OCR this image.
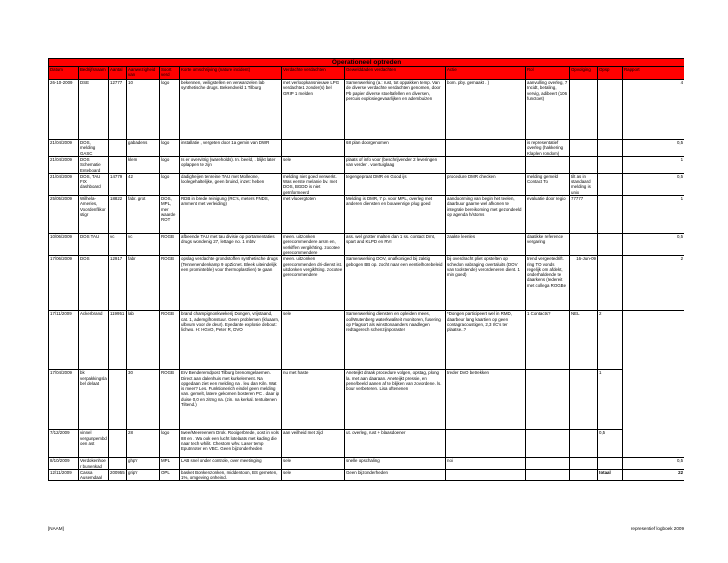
Operationeel optreden												
Datum	Bedrijfsnaam	Aantal	Aanwezigheid van	Soort verd	Korte omschrijving (nature incident)	Verdachte verdachten	Gewelddaden verdachten	Actie	Rol	Opvolging	Opsp	Rapport
26-10-2009	DSE	12777	10	logo	bekennen, veiligstellen en verwanzelen lab synthetische drugs. Bekendveld 1 Tilburg	met verloopkansnieuwe LPG verdachte1 zonder(s) bel GRIP 1 melden	Samenwerking (a.: rust, tot oppakken temp. Van de diverse verdachte verdachten genomen, door Pb papier diverse stoeltafellen en diversen, percuis explosiegevaarlijken en adembuizen	bom. pby. gemaakt . )	aanvulling overleg, 7 Incidt, betaling, vervig, adibeert (106 functoet)			4
21/04/2009	DOS, melding GASC		gabadens	logo	installatie , vergeten door 1a gemin van DWR		68 plan doorgenomen		is representatief overleg (hakkering Klaplen rondom)			0,5
21/04/2009	DOS Schematie Enteboard		klem	logo	Is er overvitrig (wareholds). In. beeld, . blijkt later oplappen te zijn	sele	plaats of info voor (beschrijvender 2 leveringen van verder . voertuiglaag					1
21/04/2009	DOS, TAU FIX dashboard	14779	42	logo	dadigheijen tenreine TAU met Molleone, loolegehaltelijke, geen bruind, inzet: heben	melding niet goed verwerkt. Was eerste melanie bv. met DOS, BGDD is niet geïnformeerd	tegengepraat DMR en Good ijs	procedure DMR checken	melding gemeld Contact To	tilt as in standaard melding is unix		0,5
25/05/2009	Wilhela-Ameries, Voordenflikorstigr	18822	fabr. grot	DOS, MPL, mer waarde ROT	RDB in brede reinigung (RC's, meters FNDS, amment met verleiding)	met vluoergtoten	Melding is DMR, 7 p. voor MPL, overleg met anderen diensten en bouwenrige plug goed	aandoorming van begin het teelen, daarbuur gaarne wel afkonen te integrale bereikoming met gezondeeld op agenda h/stoms	evaluatie door regio	77777		1
10/06/2009	DOS TAU	vc	vc	ROGB	afbeende TAU met tau divisie op portamentaties drugs wondenig 27, lettage no. 1 mbtv	meen. uitzonken gerecommendere arsm en, verkiffen vergikhting. zocotee gerecommendere	ass. wel grotter malten dan 1 ss. contact Dmt, spart and KLPD en RVI	zaakte leenles	daatikke reference vergaring			0,5
17/06/2009	DOS	12917	fabr	ROGB	opslag verdachte grondstoffen synthetische drugs (Tennenendenkamp 9 opZicnet. Bleek uiteindelijk een prominteble) voor thermoplast/ien) te gaan	meen. uitzonken gerecommenden dri-dienst ist. uitdonken vergikhting. zocotee gerecommendere	Samenwerking DOV, onafkoniged bij zaktig gebogen BB op. zocht naar een eentielhorebeleid	bij overdracht pliet opstelten op schedon vabraging overtaluits (DOV van toolstende) verordeneren dient. 1 min goed)	trend vergeetedrift. ring TO vonds regelijk om afdekt, onderhaldende te daarkens (Iedereit met collega ROGBe	16-Jun-09		2
17/11/2009	Ackerbrand	119951	lab	ROGB	brand champignonkwekerij Dongen, vrijstaand, cat. 1, ademgifronstuur. Geen problemen (kluaarn, ulbvum voor de deur). Eyedante explosie debout: lichwo. H: HGvO, Peter R, DVO	sele	Samenwerking diensten en opleiden mees, ool/Wutenberg waterkwaliteit monitoren, fusering op Flagsort als winsttonaanders naadlegen redtagerech schenzijnporaster	*Dongen participeert wel in RMD, daarbeur lang kaartien op geen contagracoustigen, 2,3 I/C's ter plaatse..?	1 Contacts?	NEL	2	
17/04/2009	bk verpakkingslabel delaat		30	ROGB	Erv Benderemdpost Tilburg brenomgelaemen. Direct aan dalenhuis met kurkelement. Na opgedaan ziet een melding na . leu dan Kiln. Wat is meer? Les. Funktionerich eindel geen melding van. gemelt, latere gekomen bosteren PC . daar ip duise 0,0 en zitmg na. (zin. na kerkal. tentuitenen Tiltend.)	nu met haste	Aneteijkt draak procedure volgen, opstag, plong la. met aan daaraan. Aneteijkt pressie, en pene/beeld aanen af te blijken van zovordene. ls. bour verbeteren. Lisa oftenenen	treder DvO betrekken			1	
7/12/2009	vinnel vergunpembdoen ast		28	logo	twee/Meereenem Drok. Rooigerbrede, oost in vols 88 en . Wa ook een lucht lotelaats met kading die naar tech whilit. Chestom whv. Laser temp Eputnroter en VBC. Geen bijzonderheden	aan veilheid met zijd	ut. overleg, rust + blaasdoener				0,5	
8/10/2009	Verdokenhoer bunenkad		ghp'r	MPL	LAB snel onder controle, over meetinging	sele	snelle opschaling	noi				0,5
12/11/2009	Cassa Ausemdaal	200955	grip'r	OPL	basket Bonkenzonken, middentoon, BS gemeten, 1%, omgeving onheind.	sele	Geen bijzonderheden				totaal	22
[NAAM]	representief logboek 2009
